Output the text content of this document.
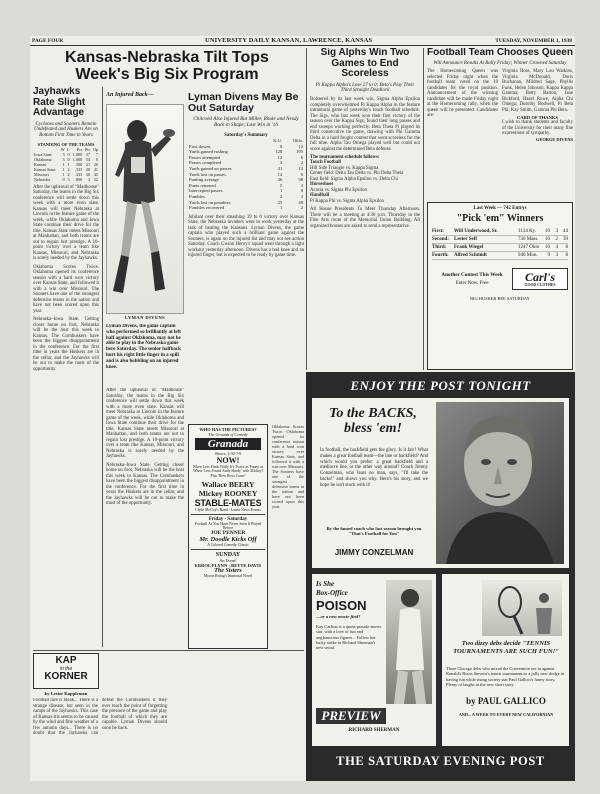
PAGE FOUR	UNIVERSITY DAILY KANSAN, LAWRENCE, KANSAS	TUESDAY, NOVEMBER 1, 1938
Kansas-Nebraska Tilt Tops
Week's Big Six Program
Jayhawks Rate Slight Advantage
Cyclones and Sooners Remain Undefeated and Huskers Are on Bottom First Time in Years
STANDING OF THE TEAMS
	W	L	Pct	Pts	Op
Iowa State	3	0	1.000	37	7
Oklahoma	3	0	1.000	54	0
Kansas	1	1	.500	21	20
Kansas State	1	2	.333	20	41
Missouri	1	2	.333	30	45
Nebraska	0	3	.000	3	52

After the upheaval of "Madhouse" Saturday, the teams in the Big Six conference will settle down this week with a more even slate. Kansas will meet Nebraska at Lincoln in the feature game of the week, while Oklahoma and Iowa State continue their drive for the title. Kansas State meets Missouri at Manhattan, and both teams are out to regain lost prestige. A 10-point victory over a team like Kansas, Missouri, and Nebraska is sorely needed by the Jayhawks.

Oklahoma Scores Twice. Oklahoma opened its conference season with a hard won victory over Kansas State, and followed it with a win over Missouri. The Sooners have one of the strongest defensive teams in the nation and have not been scored upon this year.

Nebraska–Iowa State. Getting closer home on foot, Nebraska will be the host this week to Kansas. The Cornhuskers have been the biggest disappointment in the conference. For the first time in years the Huskers are in the cellar, and the Jayhawks will be out to make the most of the opportunity.

An Injured Back—
LYMAN DIVENS
Lyman Divens, the game captain who performed so brilliantly at left half against Oklahoma, may not be able to play in the Nebraska game here Saturday. The senior halfback hurt his right little finger in a spill and is also hobbling on an injured knee.
Lyman Divens May Be Out Saturday
Chilcoed Also Injured But Miller, Rhule and Nesdy Back in Shape; Last Win in '16
Saturday's Summary
	K.U.	Okla.
First downs	8	12
Yards gained rushing	128	195
Passes attempted	12	6
Passes completed	3	2
Yards gained on passes	41	14
Yards lost on passes	14	0
Punting average	36	38
Punts returned	5	3
Intercepted passes	1	0
Fumbles	2	3
Yards lost on penalties	25	40
Fumbles recovered	1	2

Jubilant over their smashing 19 to 0 victory over Kansas State, the Nebraska invaders went to work yesterday at the task of beating the Kansans. Lyman Divens, the game captain who played such a brilliant game against the Sooners, is again on the injured list and may not see action Saturday. Coach Gwinn Henry's squad went through a light workout yesterday afternoon. Divens has a bad knee and an injured finger, but is expected to be ready by game time.

After the upheaval of "Madhouse" Saturday, the teams in the Big Six conference will settle down this week with a more even slate. Kansas will meet Nebraska at Lincoln in the feature game of the week, while Oklahoma and Iowa State continue their drive for the title. Kansas State meets Missouri at Manhattan, and both teams are out to regain lost prestige. A 10-point victory over a team like Kansas, Missouri, and Nebraska is sorely needed by the Jayhawks.

Nebraska–Iowa State. Getting closer home on foot, Nebraska will be the host this week to Kansas. The Cornhuskers have been the biggest disappointment in the conference. For the first time in years the Huskers are in the cellar, and the Jayhawks will be out to make the most of the opportunity.

WHO HAS THE PICTURES?
The Grounds of Comedy
Granada
Shows: 2:30-7-9
NOW!
When Less Finds Wally It's Twice as Funny as When 'Less Found Andy Hardy' with Mickey! Plus 'How Boys Come'
Wallace BEERY
Mickey ROONEY
STABLE-MATES
Clyde McCoy's Band · Latest News Events
Friday - Saturday
Football As You Have Never Seen It Played Before
JOE PENNER
Mr. Doodle Kicks Off
A Colored Comedy Classic
SUNDAY
An Event!
ERROL FLYNN · BETTE DAVIS
The Sisters
Myron Brinig's Immortal Novel

Oklahoma Scores Twice. Oklahoma opened its conference season with a hard won victory over Kansas State, and followed it with a win over Missouri. The Sooners have one of the strongest defensive teams in the nation and have not been scored upon this year.

Sig Alphs Win Two Games to End Scoreless
Pi Kappa Alpha's Lose 27 to 0; Beta's Play Their Third Straight Deadlock

Bolstered by its last week win, Sigma Alpha Epsilon completely overwhelmed Pi Kappa Alpha in the feature intramural game of yesterday's touch football schedule. The Sigs, who last week won their first victory of the season over the Kappa Sigs, found their long passes and end sweeps working perfectly. Beta Theta Pi played its third consecutive tie game, drawing with Phi Gamma Delta in a hard fought contest that went scoreless for the full time. Alpha Tau Omega played well but could not score against the determined Beta defense.

The tournament schedule follows:
Touch Football
Hill Side Triangle vs. Kappa Sigma
Center field: Delta Tau Delta vs. Phi Delta Theta
East field: Sigma Alpha Epsilon vs. Delta Chi
Horseshoes
Acacia vs. Sigma Phi Epsilon
Handball
Pi Kappa Phi vs. Sigma Alpha Epsilon

All House Presidents To Meet Thursday Afternoon. There will be a meeting at 4:30 p.m. Thursday in the Fine Arts room of the Memorial Union Building. All organized houses are asked to send a representative.

Football Team Chooses Queen
Will Announce Results At Rally Friday; Winner Crowned Saturday

The Homecoming Queen was selected Friday night when the football team voted on the 10 candidates for the royal position. Announcement of the winning candidate will be made Friday night at the Homecoming rally, when the queen will be presented. Candidates are:

Virginia Ross, Mary Lou Watkins, Virginia McDonald, Doris Buchanan, Mildred Sage, Phyllis Funk, Helen Johnson, Kappa Kappa Gamma; Betty Barton, Jane Bickford, Hazel Rowe, Alpha Chi Omega; Dorothy Bodwell, Pi Beta Phi; Kay Smith, Gamma Phi Beta.

CARD OF THANKS

I wish to thank students and faculty of the University for their many fine expressions of sympathy.

GEORGE DIVENS
Last Week — 742 Entrys
"Pick 'em" Winners
First:	Will Underwood, Sr.	1134 Ky.	10	3	44
Second:	Lester Seff	730 Mass.	10	2	39
Third:	Frank Wiegel	1247 Ohio	10	4	8
Fourth:	Alfred Schmidt	940 Miss.	9	3	8
Another Contest This Week
Enter Now. Free	Carl's
GOOD CLOTHES
BIG HUSKER BEE SATURDAY
KAP
in the
KORNER
by Lester Kappleman

Football rare is bleak... There is a strange disease, but seen in the camps of the Jayhawks. This case of Kansas-itis seems to be caused by the wind and fine weather of a few autumn days... There is no doubt that the Jayhawks can defeat the Cornhuskers if they ever reach the point of forgetting the pressure of the game and play the football of which they are capable. Lyman Divens should soon be back.

ENJOY THE POST TONIGHT
To the BACKS, bless 'em!

In football, the backfield gets the glory. Is it fair? What makes a great football team—the line or backfield? And which would you prefer: a great backfield and a mediocre line, or the other way around? Coach Jimmy Conzelman, who fears no man, says, "I'll take the backs!" and shows you why. Here's his story, and we hope he isn't stuck with it!

By the famed coach who last season brought you "That's Football for You"
JIMMY CONZELMAN
Is She
Box-Office
POISON
—or a new movie find?

Kay Carlton is a quota pseudo-movie star, with a love of fun and unglamorous figures... Follow her lucky strike in Richard Sherman's new serial.

PREVIEW
RICHARD SHERMAN
Two dizzy debs decide "TENNIS TOURNAMENTS ARE SUCH FUN!"

Three Chicago debs who mixed the Convention are in against Ronald's Boots Stevens's tennis tournament as a jolly new dodge in having fun while rising society star Paul Gallico's funny story. Plenty of laughs in the new short story.

by PAUL GALLICO
AND... A WEEK TO EVERY NEW CALIFORNIAN
THE SATURDAY EVENING POST
